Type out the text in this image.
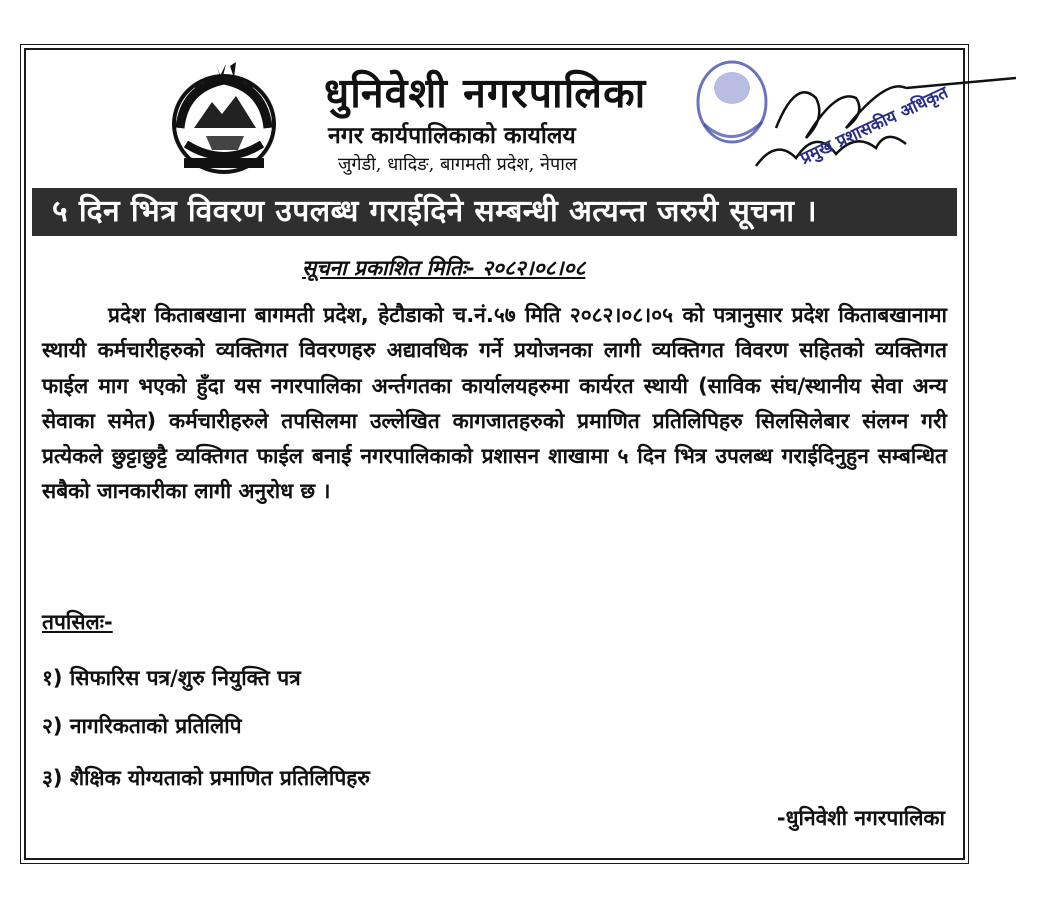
धुनिवेशी नगरपालिका
नगर कार्यपालिकाको कार्यालय
जुगेडी, धादिङ, बागमती प्रदेश, नेपाल	प्रमुख प्रशासकीय अधिकृत
५ दिन भित्र विवरण उपलब्ध गराईदिने सम्बन्धी अत्यन्त जरुरी सूचना ।
सूचना प्रकाशित मितिः- २०८२।०८।०८

प्रदेश किताबखाना बागमती प्रदेश, हेटौडाको च.नं.५७ मिति २०८२।०८।०५ को पत्रानुसार प्रदेश किताबखानामा स्थायी कर्मचारीहरुको व्यक्तिगत विवरणहरु अद्यावधिक गर्ने प्रयोजनका लागी व्यक्तिगत विवरण सहितको व्यक्तिगत फाईल माग भएको हुँदा यस नगरपालिका अर्न्तगतका कार्यालयहरुमा कार्यरत स्थायी (साविक संघ/स्थानीय सेवा अन्य सेवाका समेत) कर्मचारीहरुले तपसिलमा उल्लेखित कागजातहरुको प्रमाणित प्रतिलिपिहरु सिलसिलेबार संलग्न गरी प्रत्येकले छुट्टाछुट्टै व्यक्तिगत फाईल बनाई नगरपालिकाको प्रशासन शाखामा ५ दिन भित्र उपलब्ध गराईदिनुहुन सम्बन्धित सबैको जानकारीका लागी अनुरोध छ ।

तपसिलः-
१) सिफारिस पत्र/शुरु नियुक्ति पत्र
२) नागरिकताको प्रतिलिपि
३) शैक्षिक योग्यताको प्रमाणित प्रतिलिपिहरु
-धुनिवेशी नगरपालिका
